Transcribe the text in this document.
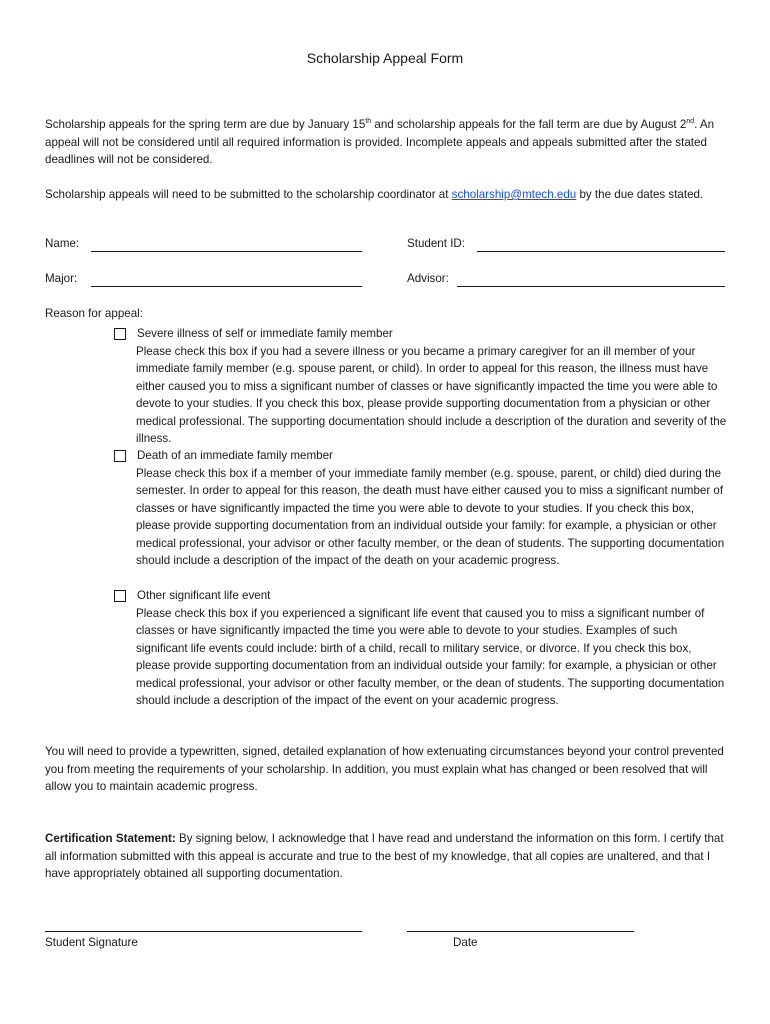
Scholarship Appeal Form
Scholarship appeals for the spring term are due by January 15th and scholarship appeals for the fall term are due by August 2nd. An appeal will not be considered until all required information is provided. Incomplete appeals and appeals submitted after the stated deadlines will not be considered.
Scholarship appeals will need to be submitted to the scholarship coordinator at scholarship@mtech.edu by the due dates stated.
Name:	Student ID:
Major:	Advisor:
Reason for appeal:
Severe illness of self or immediate family member
Please check this box if you had a severe illness or you became a primary caregiver for an ill member of your immediate family member (e.g. spouse parent, or child). In order to appeal for this reason, the illness must have either caused you to miss a significant number of classes or have significantly impacted the time you were able to devote to your studies. If you check this box, please provide supporting documentation from a physician or other medical professional. The supporting documentation should include a description of the duration and severity of the illness.
Death of an immediate family member
Please check this box if a member of your immediate family member (e.g. spouse, parent, or child) died during the semester. In order to appeal for this reason, the death must have either caused you to miss a significant number of classes or have significantly impacted the time you were able to devote to your studies. If you check this box, please provide supporting documentation from an individual outside your family: for example, a physician or other medical professional, your advisor or other faculty member, or the dean of students. The supporting documentation should include a description of the impact of the death on your academic progress.
Other significant life event
Please check this box if you experienced a significant life event that caused you to miss a significant number of classes or have significantly impacted the time you were able to devote to your studies. Examples of such significant life events could include: birth of a child, recall to military service, or divorce. If you check this box, please provide supporting documentation from an individual outside your family: for example, a physician or other medical professional, your advisor or other faculty member, or the dean of students. The supporting documentation should include a description of the impact of the event on your academic progress.
You will need to provide a typewritten, signed, detailed explanation of how extenuating circumstances beyond your control prevented you from meeting the requirements of your scholarship. In addition, you must explain what has changed or been resolved that will allow you to maintain academic progress.
Certification Statement: By signing below, I acknowledge that I have read and understand the information on this form. I certify that all information submitted with this appeal is accurate and true to the best of my knowledge, that all copies are unaltered, and that I have appropriately obtained all supporting documentation.
Student Signature	Date
